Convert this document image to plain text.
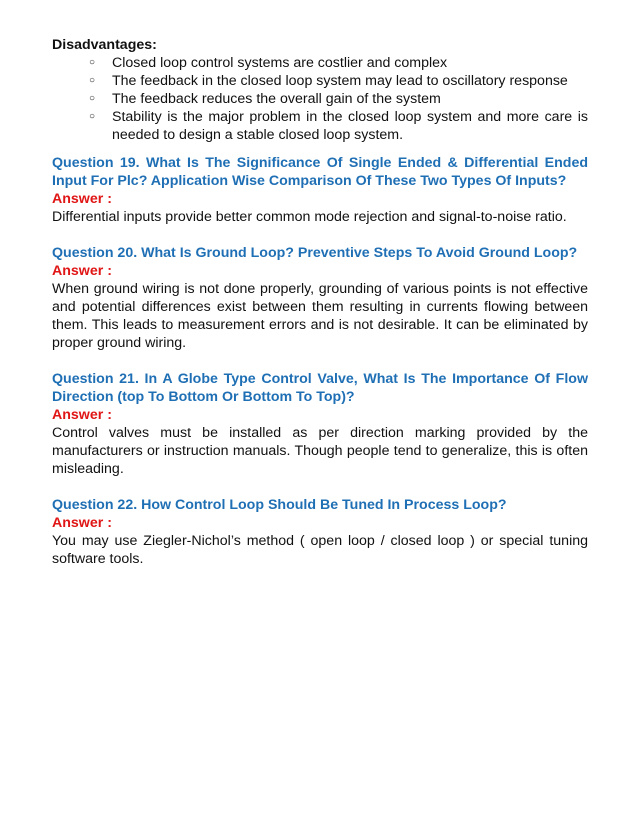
Disadvantages:

○ Closed loop control systems are costlier and complex
○ The feedback in the closed loop system may lead to oscillatory response
○ The feedback reduces the overall gain of the system
○ Stability is the major problem in the closed loop system and more care is needed to design a stable closed loop system.

Question 19. What Is The Significance Of Single Ended & Differential Ended Input For Plc? Application Wise Comparison Of These Two Types Of Inputs?

Answer :

Differential inputs provide better common mode rejection and signal-to-noise ratio.

Question 20. What Is Ground Loop? Preventive Steps To Avoid Ground Loop?

Answer :

When ground wiring is not done properly, grounding of various points is not effective and potential differences exist between them resulting in currents flowing between them. This leads to measurement errors and is not desirable. It can be eliminated by proper ground wiring.

Question 21. In A Globe Type Control Valve, What Is The Importance Of Flow Direction (top To Bottom Or Bottom To Top)?

Answer :

Control valves must be installed as per direction marking provided by the manufacturers or instruction manuals. Though people tend to generalize, this is often misleading.

Question 22. How Control Loop Should Be Tuned In Process Loop?

Answer :

You may use Ziegler-Nichol’s method ( open loop / closed loop ) or special tuning software tools.
